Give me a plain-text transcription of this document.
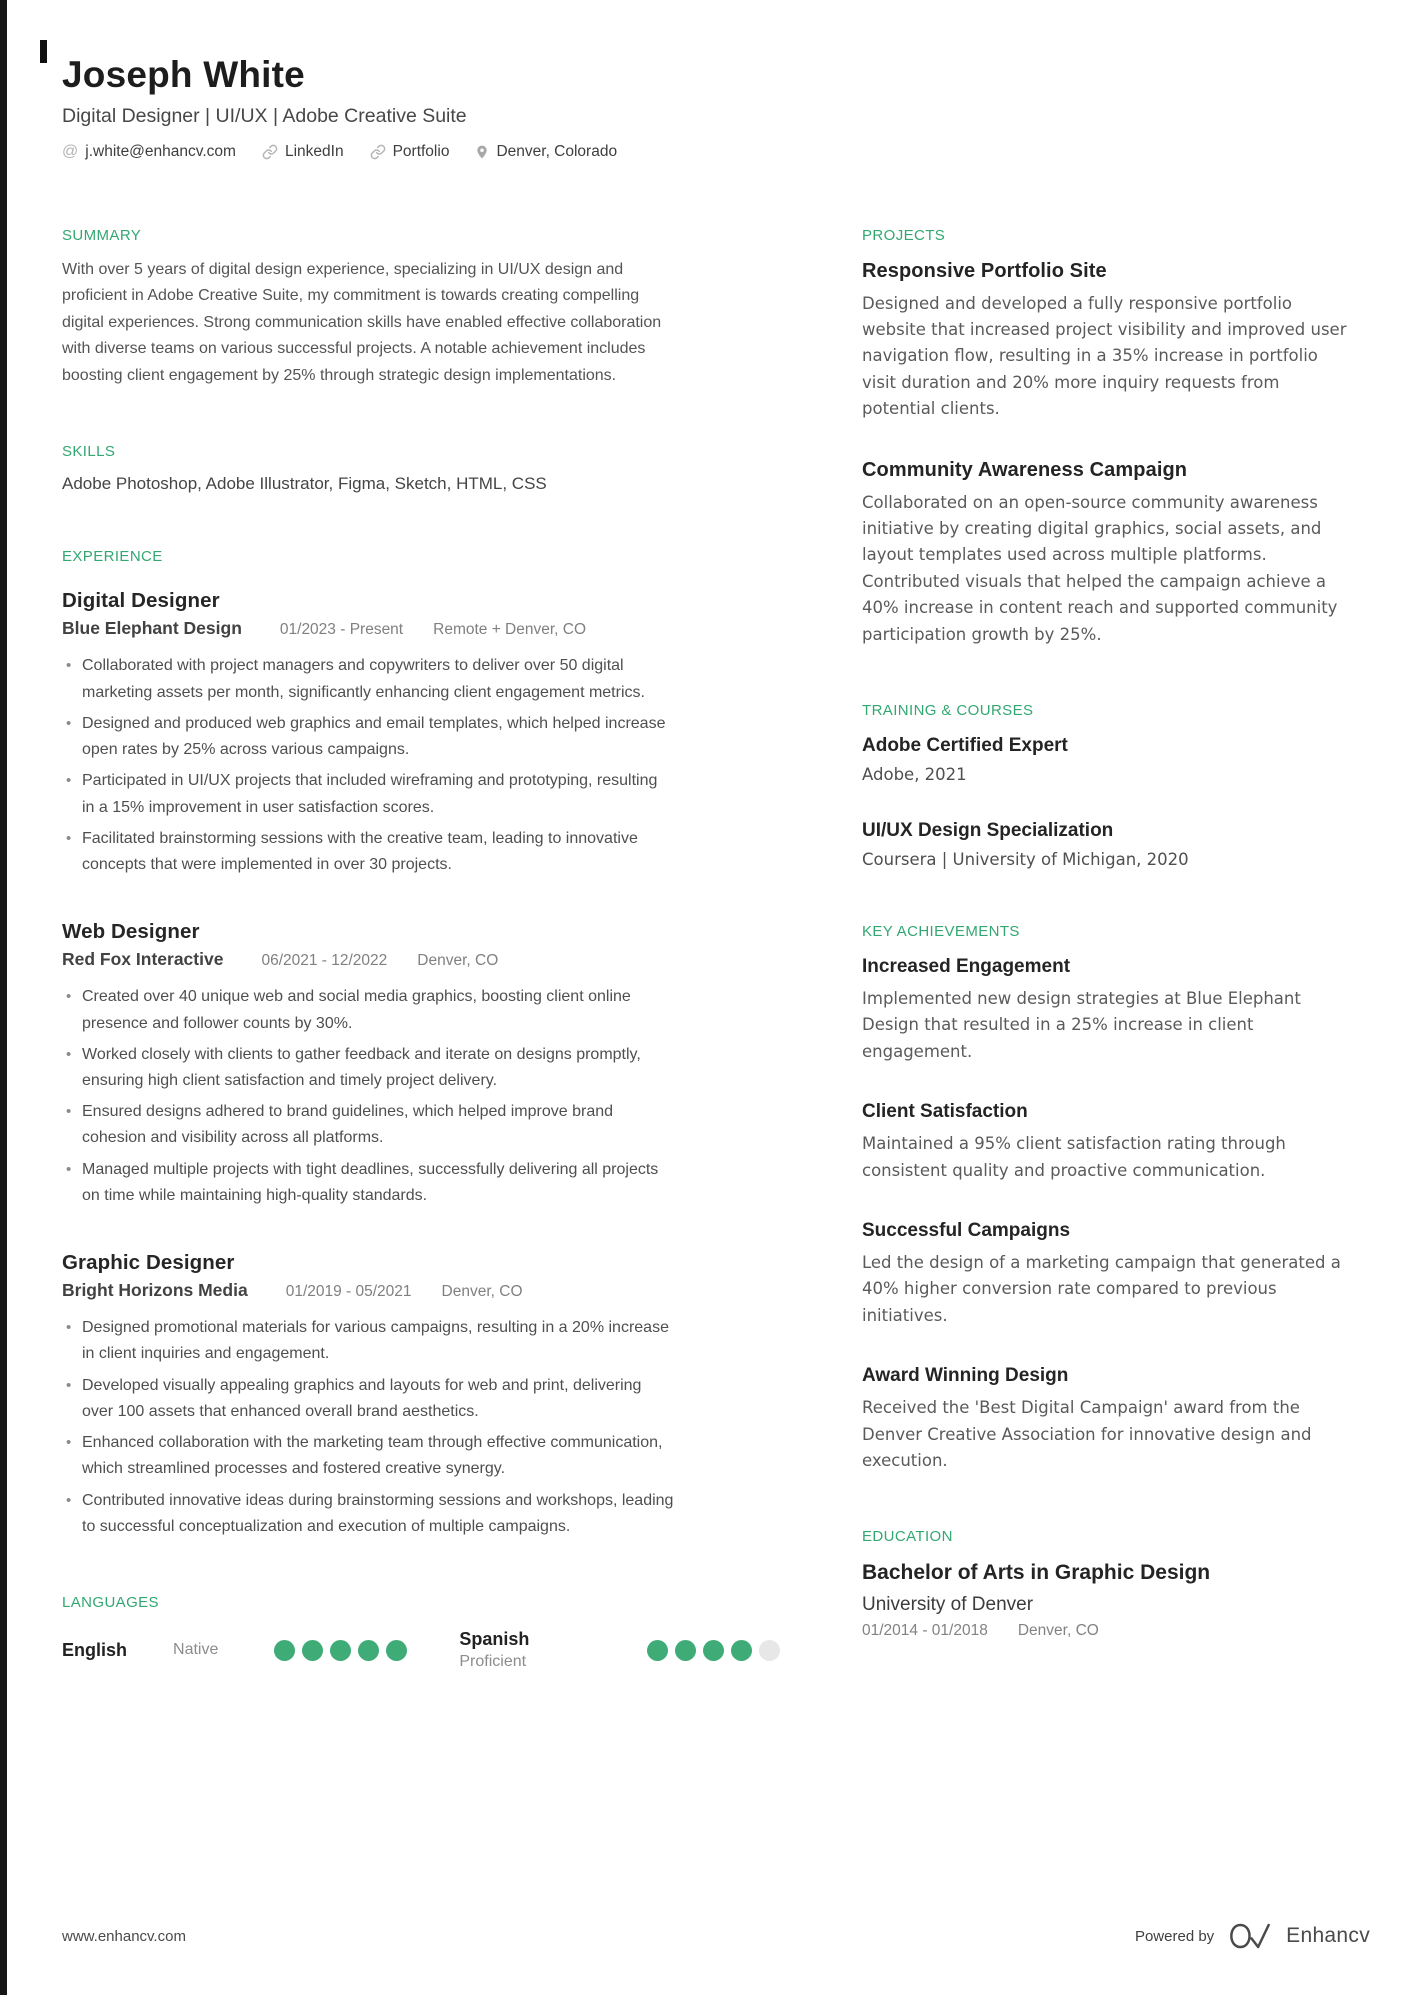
Joseph White
Digital Designer | UI/UX | Adobe Creative Suite
@ j.white@enhancv.com	LinkedIn	Portfolio	Denver, Colorado
SUMMARY
With over 5 years of digital design experience, specializing in UI/UX design and proficient in Adobe Creative Suite, my commitment is towards creating compelling digital experiences. Strong communication skills have enabled effective collaboration with diverse teams on various successful projects. A notable achievement includes boosting client engagement by 25% through strategic design implementations.
SKILLS
Adobe Photoshop, Adobe Illustrator, Figma, Sketch, HTML, CSS
EXPERIENCE
Digital Designer
Blue Elephant Design 01/2023 - Present Remote + Denver, CO
• Collaborated with project managers and copywriters to deliver over 50 digital marketing assets per month, significantly enhancing client engagement metrics.
• Designed and produced web graphics and email templates, which helped increase open rates by 25% across various campaigns.
• Participated in UI/UX projects that included wireframing and prototyping, resulting in a 15% improvement in user satisfaction scores.
• Facilitated brainstorming sessions with the creative team, leading to innovative concepts that were implemented in over 30 projects.
Web Designer
Red Fox Interactive 06/2021 - 12/2022 Denver, CO
• Created over 40 unique web and social media graphics, boosting client online presence and follower counts by 30%.
• Worked closely with clients to gather feedback and iterate on designs promptly, ensuring high client satisfaction and timely project delivery.
• Ensured designs adhered to brand guidelines, which helped improve brand cohesion and visibility across all platforms.
• Managed multiple projects with tight deadlines, successfully delivering all projects on time while maintaining high-quality standards.
Graphic Designer
Bright Horizons Media 01/2019 - 05/2021 Denver, CO
• Designed promotional materials for various campaigns, resulting in a 20% increase in client inquiries and engagement.
• Developed visually appealing graphics and layouts for web and print, delivering over 100 assets that enhanced overall brand aesthetics.
• Enhanced collaboration with the marketing team through effective communication, which streamlined processes and fostered creative synergy.
• Contributed innovative ideas during brainstorming sessions and workshops, leading to successful conceptualization and execution of multiple campaigns.
LANGUAGES
English	Native
Spanish
Proficient
PROJECTS
Responsive Portfolio Site
Designed and developed a fully responsive portfolio website that increased project visibility and improved user navigation flow, resulting in a 35% increase in portfolio visit duration and 20% more inquiry requests from potential clients.
Community Awareness Campaign
Collaborated on an open-source community awareness initiative by creating digital graphics, social assets, and layout templates used across multiple platforms. Contributed visuals that helped the campaign achieve a 40% increase in content reach and supported community participation growth by 25%.
TRAINING & COURSES
Adobe Certified Expert
Adobe, 2021
UI/UX Design Specialization
Coursera | University of Michigan, 2020
KEY ACHIEVEMENTS
Increased Engagement
Implemented new design strategies at Blue Elephant Design that resulted in a 25% increase in client engagement.
Client Satisfaction
Maintained a 95% client satisfaction rating through consistent quality and proactive communication.
Successful Campaigns
Led the design of a marketing campaign that generated a 40% higher conversion rate compared to previous initiatives.
Award Winning Design
Received the 'Best Digital Campaign' award from the Denver Creative Association for innovative design and execution.
EDUCATION
Bachelor of Arts in Graphic Design
University of Denver
01/2014 - 01/2018 Denver, CO
www.enhancv.com	Powered by	Enhancv
